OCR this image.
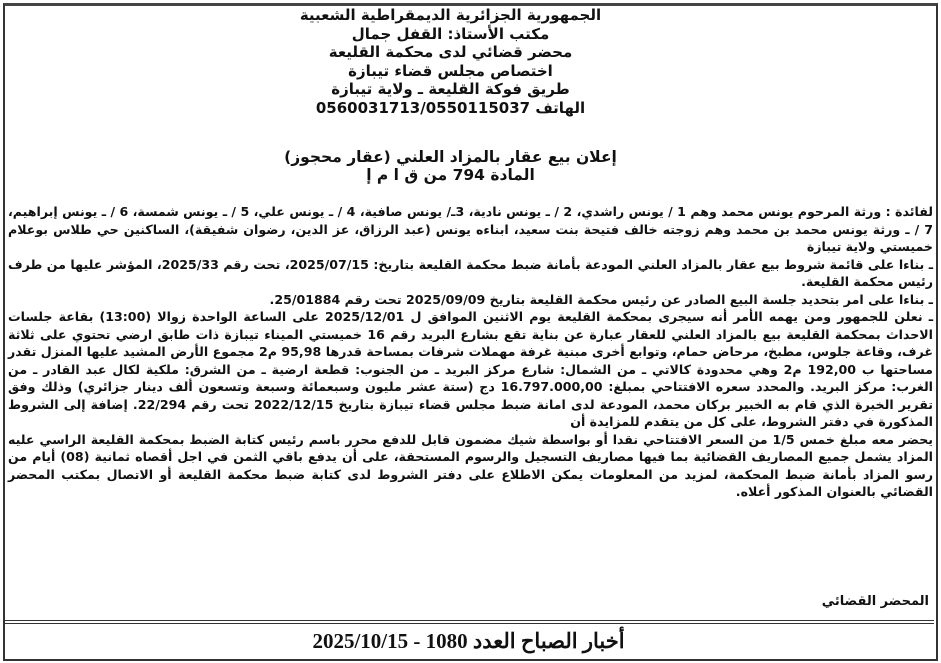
الجمهورية الجزائرية الديمقراطية الشعبية
مكتب الأستاذ: القفل جمال
محضر قضائي لدى محكمة القليعة
اختصاص مجلس قضاء تيبازة
طريق فوكة القليعة ـ ولاية تيبازة
الهاتف 0560031713/0550115037
إعلان بيع عقار بالمزاد العلني (عقار محجوز)
المادة 794 من ق ا م إ

لفائدة : ورثة المرحوم يونس محمد وهم 1 / يونس راشدي، 2 / ـ يونس نادية، 3ـ/ يونس صافية، 4 / ـ يونس علي، 5 / ـ يونس شمسة، 6 / ـ يونس إبراهيم، 7 / ـ ورثة يونس محمد بن محمد وهم زوجته خالف فتيحة بنت سعيد، ابناءه يونس (عبد الرزاق، عز الدين، رضوان شفيقة)، الساكنين حي طلاس بوعلام خميستي ولاية تيبازة

ـ بناءا على قائمة شروط بيع عقار بالمزاد العلني المودعة بأمانة ضبط محكمة القليعة بتاريخ: 2025/07/15، تحت رقم 2025/33، المؤشر عليها من طرف رئيس محكمة القليعة.

ـ بناءا على امر بتحديد جلسة البيع الصادر عن رئيس محكمة القليعة بتاريخ 2025/09/09 تحت رقم 25/01884.

ـ نعلن للجمهور ومن يهمه الأمر أنه سيجرى بمحكمة القليعة يوم الاثنين الموافق ل 2025/12/01 على الساعة الواحدة زوالا (13:00) بقاعة جلسات الاحداث بمحكمة القليعة بيع بالمزاد العلني للعقار عبارة عن بناية تقع بشارع البريد رقم 16 خميستي الميناء تيبازة ذات طابق ارضي تحتوي على ثلاثة غرف، وقاعة جلوس، مطبخ، مرحاض حمام، وتوابع أخرى مبنية غرفة مهملات شرفات بمساحة قدرها 95,98 م2 مجموع الأرض المشيد عليها المنزل تقدر مساحتها ب 192,00 م2 وهي محدودة كالاتي ـ من الشمال: شارع مركز البريد ـ من الجنوب: قطعة ارضية ـ من الشرق: ملكية لكال عبد القادر ـ من الغرب: مركز البريد. والمحدد سعره الافتتاحي بمبلغ: 16.797.000,00 دج (ستة عشر مليون وسبعمائة وسبعة وتسعون ألف دينار جزائري) وذلك وفق تقرير الخبرة الذي قام به الخبير بركان محمد، المودعة لدى امانة ضبط مجلس قضاء تيبازة بتاريخ 2022/12/15 تحت رقم 22/294. إضافة إلى الشروط المذكورة في دفتر الشروط، على كل من يتقدم للمزايدة أن

يحضر معه مبلغ خمس 1/5 من السعر الافتتاحي نقدا أو بواسطة شيك مضمون قابل للدفع محرر باسم رئيس كتابة الضبط بمحكمة القليعة الراسي عليه المزاد يشمل جميع المصاريف القضائية بما فيها مصاريف التسجيل والرسوم المستحقة، على أن يدفع باقي الثمن في اجل أقصاه ثمانية (08) أيام من رسو المزاد بأمانة ضبط المحكمة، لمزيد من المعلومات يمكن الاطلاع على دفتر الشروط لدى كتابة ضبط محكمة القليعة أو الاتصال بمكتب المحضر القضائي بالعنوان المذكور أعلاه.

المحضر القضائي
أخبار الصباح العدد 1080 - 2025/10/15
